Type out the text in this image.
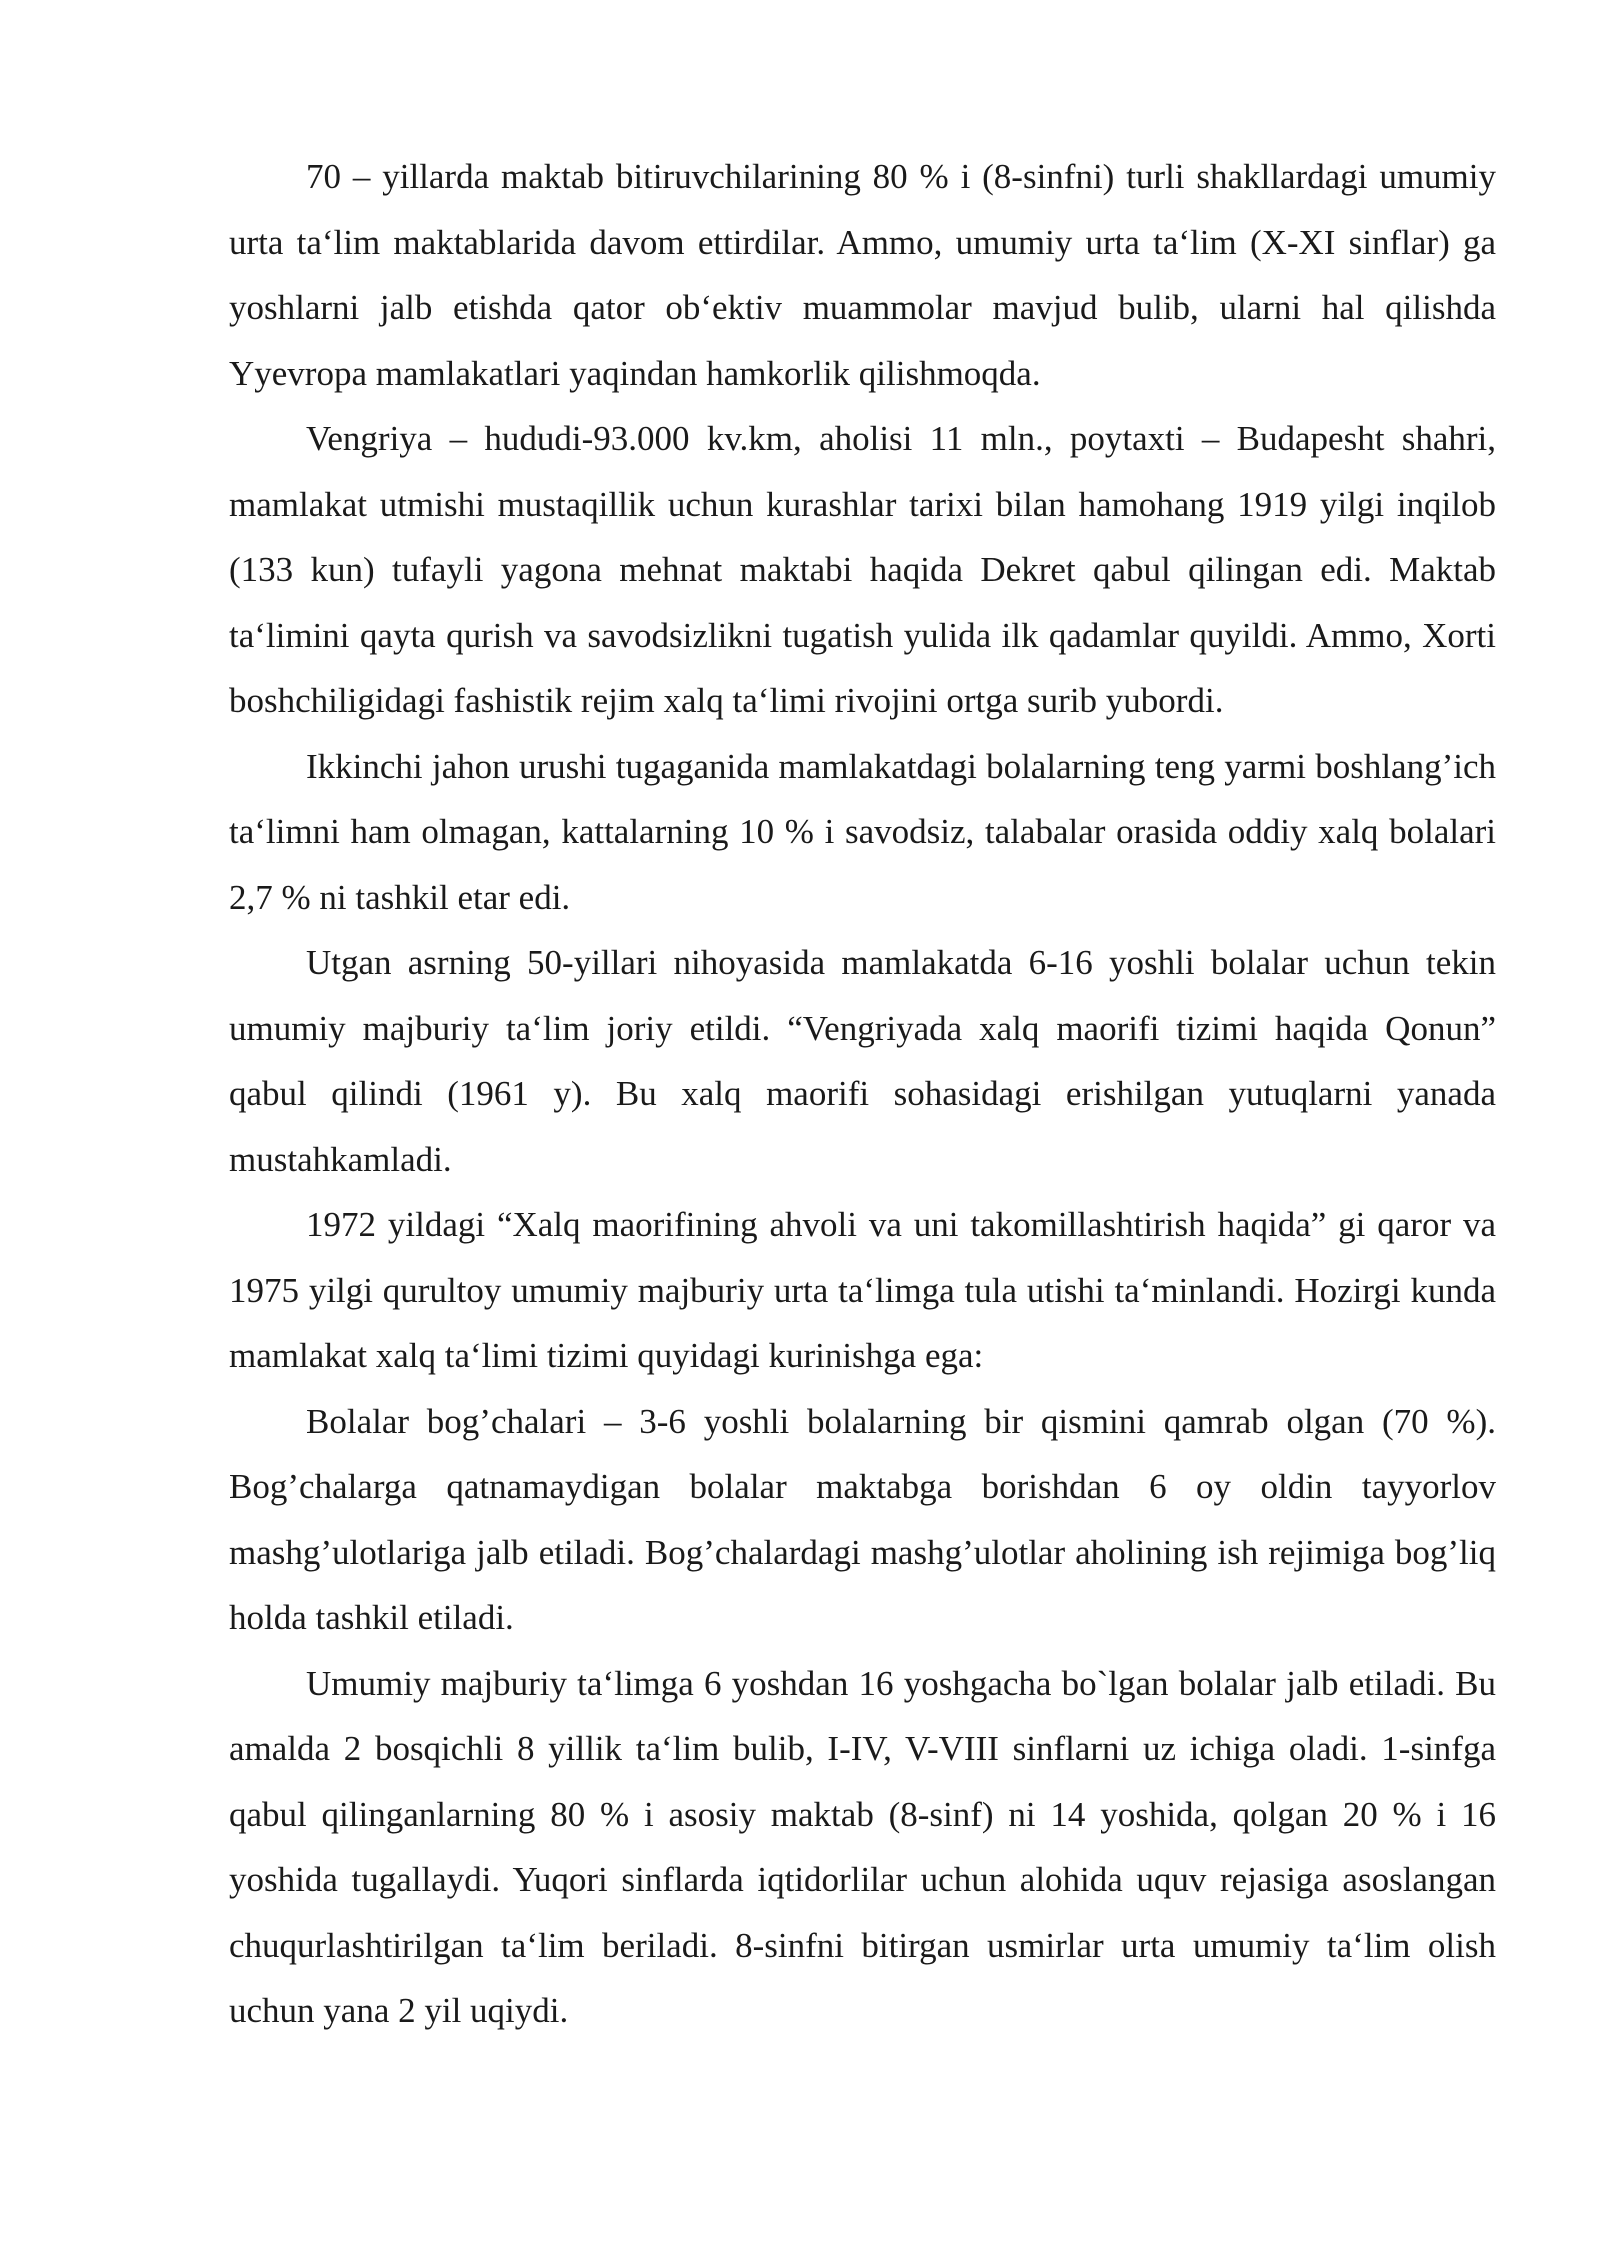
70 – yillarda maktab bitiruvchilarining 80 % i (8-sinfni) turli shakllardagi umumiy urta ta‘lim maktablarida davom ettirdilar. Ammo, umumiy urta ta‘lim (X-XI sinflar) ga yoshlarni jalb etishda qator ob‘ektiv muammolar mavjud bulib, ularni hal qilishda Yyevropa mamlakatlari yaqindan hamkorlik qilishmoqda.

Vengriya – hududi-93.000 kv.km, aholisi 11 mln., poytaxti – Budapesht shahri, mamlakat utmishi mustaqillik uchun kurashlar tarixi bilan hamohang 1919 yilgi inqilob (133 kun) tufayli yagona mehnat maktabi haqida Dekret qabul qilingan edi. Maktab ta‘limini qayta qurish va savodsizlikni tugatish yulida ilk qadamlar quyildi. Ammo, Xorti boshchiligidagi fashistik rejim xalq ta‘limi rivojini ortga surib yubordi.

Ikkinchi jahon urushi tugaganida mamlakatdagi bolalarning teng yarmi boshlang’ich ta‘limni ham olmagan, kattalarning 10 % i savodsiz, talabalar orasida oddiy xalq bolalari 2,7 % ni tashkil etar edi.

Utgan asrning 50-yillari nihoyasida mamlakatda 6-16 yoshli bolalar uchun tekin umumiy majburiy ta‘lim joriy etildi. “Vengriyada xalq maorifi tizimi haqida Qonun” qabul qilindi (1961 y). Bu xalq maorifi sohasidagi erishilgan yutuqlarni yanada mustahkamladi.

1972 yildagi “Xalq maorifining ahvoli va uni takomillashtirish haqida” gi qaror va 1975 yilgi qurultoy umumiy majburiy urta ta‘limga tula utishi ta‘minlandi. Hozirgi kunda mamlakat xalq ta‘limi tizimi quyidagi kurinishga ega:

Bolalar bog’chalari – 3-6 yoshli bolalarning bir qismini qamrab olgan (70 %). Bog’chalarga qatnamaydigan bolalar maktabga borishdan 6 oy oldin tayyorlov mashg’ulotlariga jalb etiladi. Bog’chalardagi mashg’ulotlar aholining ish rejimiga bog’liq holda tashkil etiladi.

Umumiy majburiy ta‘limga 6 yoshdan 16 yoshgacha bo`lgan bolalar jalb etiladi. Bu amalda 2 bosqichli 8 yillik ta‘lim bulib, I-IV, V-VIII sinflarni uz ichiga oladi. 1-sinfga qabul qilinganlarning 80 % i asosiy maktab (8-sinf) ni 14 yoshida, qolgan 20 % i 16 yoshida tugallaydi. Yuqori sinflarda iqtidorlilar uchun alohida uquv rejasiga asoslangan chuqurlashtirilgan ta‘lim beriladi. 8-sinfni bitirgan usmirlar urta umumiy ta‘lim olish uchun yana 2 yil uqiydi.
